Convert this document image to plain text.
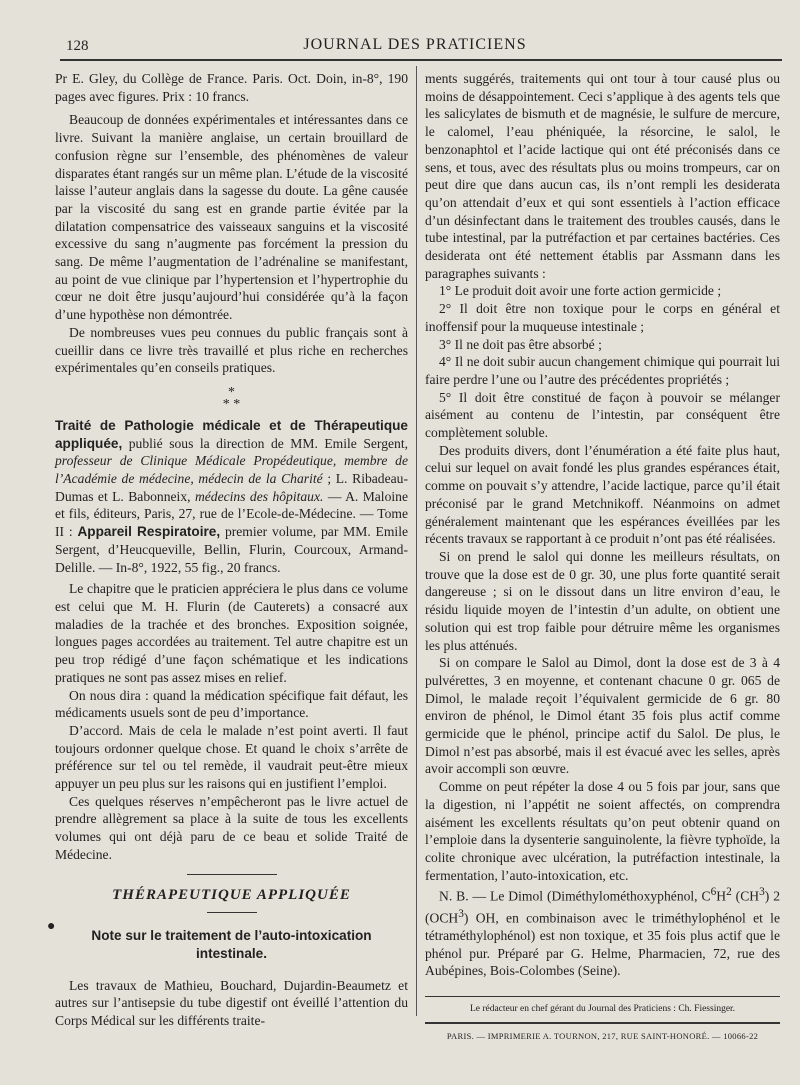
128	JOURNAL DES PRATICIENS

Pr E. Gley, du Collège de France. Paris. Oct. Doin, in-8°, 190 pages avec figures. Prix : 10 francs.

Beaucoup de données expérimentales et intéressantes dans ce livre. Suivant la manière anglaise, un certain brouillard de confusion règne sur l’ensemble, des phénomènes de valeur disparates étant rangés sur un même plan. L’étude de la viscosité laisse l’auteur anglais dans la sagesse du doute. La gêne causée par la viscosité du sang est en grande partie évitée par la dilatation compensatrice des vaisseaux sanguins et la viscosité excessive du sang n’augmente pas forcément la pression du sang. De même l’augmentation de l’adrénaline se manifestant, au point de vue clinique par l’hypertension et l’hypertrophie du cœur ne doit être jusqu’aujourd’hui considérée qu’à la façon d’une hypothèse non démontrée.

De nombreuses vues peu connues du public français sont à cueillir dans ce livre très travaillé et plus riche en recherches expérimentales qu’en conseils pratiques.

*
* *

Traité de Pathologie médicale et de Thérapeutique appliquée, publié sous la direction de MM. Emile Sergent, professeur de Clinique Médicale Propédeutique, membre de l’Académie de médecine, médecin de la Charité ; L. Ribadeau-Dumas et L. Babonneix, médecins des hôpitaux. — A. Maloine et fils, éditeurs, Paris, 27, rue de l’Ecole-de-Médecine. — Tome II : Appareil Respiratoire, premier volume, par MM. Emile Sergent, d’Heucqueville, Bellin, Flurin, Courcoux, Armand-Delille. — In-8°, 1922, 55 fig., 20 francs.

Le chapitre que le praticien appréciera le plus dans ce volume est celui que M. H. Flurin (de Cauterets) a consacré aux maladies de la trachée et des bronches. Exposition soignée, longues pages accordées au traitement. Tel autre chapitre est un peu trop rédigé d’une façon schématique et les indications pratiques ne sont pas assez mises en relief.

On nous dira : quand la médication spécifique fait défaut, les médicaments usuels sont de peu d’importance.

D’accord. Mais de cela le malade n’est point averti. Il faut toujours ordonner quelque chose. Et quand le choix s’arrête de préférence sur tel ou tel remède, il vaudrait peut-être mieux appuyer un peu plus sur les raisons qui en justifient l’emploi.

Ces quelques réserves n’empêcheront pas le livre actuel de prendre allègrement sa place à la suite de tous les excellents volumes qui ont déjà paru de ce beau et solide Traité de Médecine.

THÉRAPEUTIQUE APPLIQUÉE
●
Note sur le traitement de l’auto-intoxication intestinale.

Les travaux de Mathieu, Bouchard, Dujardin-Beaumetz et autres sur l’antisepsie du tube digestif ont éveillé l’attention du Corps Médical sur les différents traite-

ments suggérés, traitements qui ont tour à tour causé plus ou moins de désappointement. Ceci s’applique à des agents tels que les salicylates de bismuth et de magnésie, le sulfure de mercure, le calomel, l’eau phéniquée, la résorcine, le salol, le benzonaphtol et l’acide lactique qui ont été préconisés dans ce sens, et tous, avec des résultats plus ou moins trompeurs, car on peut dire que dans aucun cas, ils n’ont rempli les desiderata qu’on attendait d’eux et qui sont essentiels à l’action efficace d’un désinfectant dans le traitement des troubles causés, dans le tube intestinal, par la putréfaction et par certaines bactéries. Ces desiderata ont été nettement établis par Assmann dans les paragraphes suivants :

1° Le produit doit avoir une forte action germicide ;

2° Il doit être non toxique pour le corps en général et inoffensif pour la muqueuse intestinale ;

3° Il ne doit pas être absorbé ;

4° Il ne doit subir aucun changement chimique qui pourrait lui faire perdre l’une ou l’autre des précédentes propriétés ;

5° Il doit être constitué de façon à pouvoir se mélanger aisément au contenu de l’intestin, par conséquent être complètement soluble.

Des produits divers, dont l’énumération a été faite plus haut, celui sur lequel on avait fondé les plus grandes espérances était, comme on pouvait s’y attendre, l’acide lactique, parce qu’il était préconisé par le grand Metchnikoff. Néanmoins on admet généralement maintenant que les espérances éveillées par les récents travaux se rapportant à ce produit n’ont pas été réalisées.

Si on prend le salol qui donne les meilleurs résultats, on trouve que la dose est de 0 gr. 30, une plus forte quantité serait dangereuse ; si on le dissout dans un litre environ d’eau, le résidu liquide moyen de l’intestin d’un adulte, on obtient une solution qui est trop faible pour détruire même les organismes les plus atténués.

Si on compare le Salol au Dimol, dont la dose est de 3 à 4 pulvérettes, 3 en moyenne, et contenant chacune 0 gr. 065 de Dimol, le malade reçoit l’équivalent germicide de 6 gr. 80 environ de phénol, le Dimol étant 35 fois plus actif comme germicide que le phénol, principe actif du Salol. De plus, le Dimol n’est pas absorbé, mais il est évacué avec les selles, après avoir accompli son œuvre.

Comme on peut répéter la dose 4 ou 5 fois par jour, sans que la digestion, ni l’appétit ne soient affectés, on comprendra aisément les excellents résultats qu’on peut obtenir quand on l’emploie dans la dysenterie sanguinolente, la fièvre typhoïde, la colite chronique avec ulcération, la putréfaction intestinale, la fermentation, l’auto-intoxication, etc.

N. B. — Le Dimol (Diméthylométhoxyphénol, $C^6H^2$ $(CH^3)$ 2 (OCH$^3$) OH, en combinaison avec le triméthylophénol et le tétraméthylophénol) est non toxique, et 35 fois plus actif que le phénol pur. Préparé par G. Helme, Pharmacien, 72, rue des Aubépines, Bois-Colombes (Seine).

Le rédacteur en chef gérant du Journal des Praticiens : Ch. Fiessinger.
PARIS. — IMPRIMERIE A. TOURNON, 217, RUE SAINT-HONORÉ. — 10066-22
